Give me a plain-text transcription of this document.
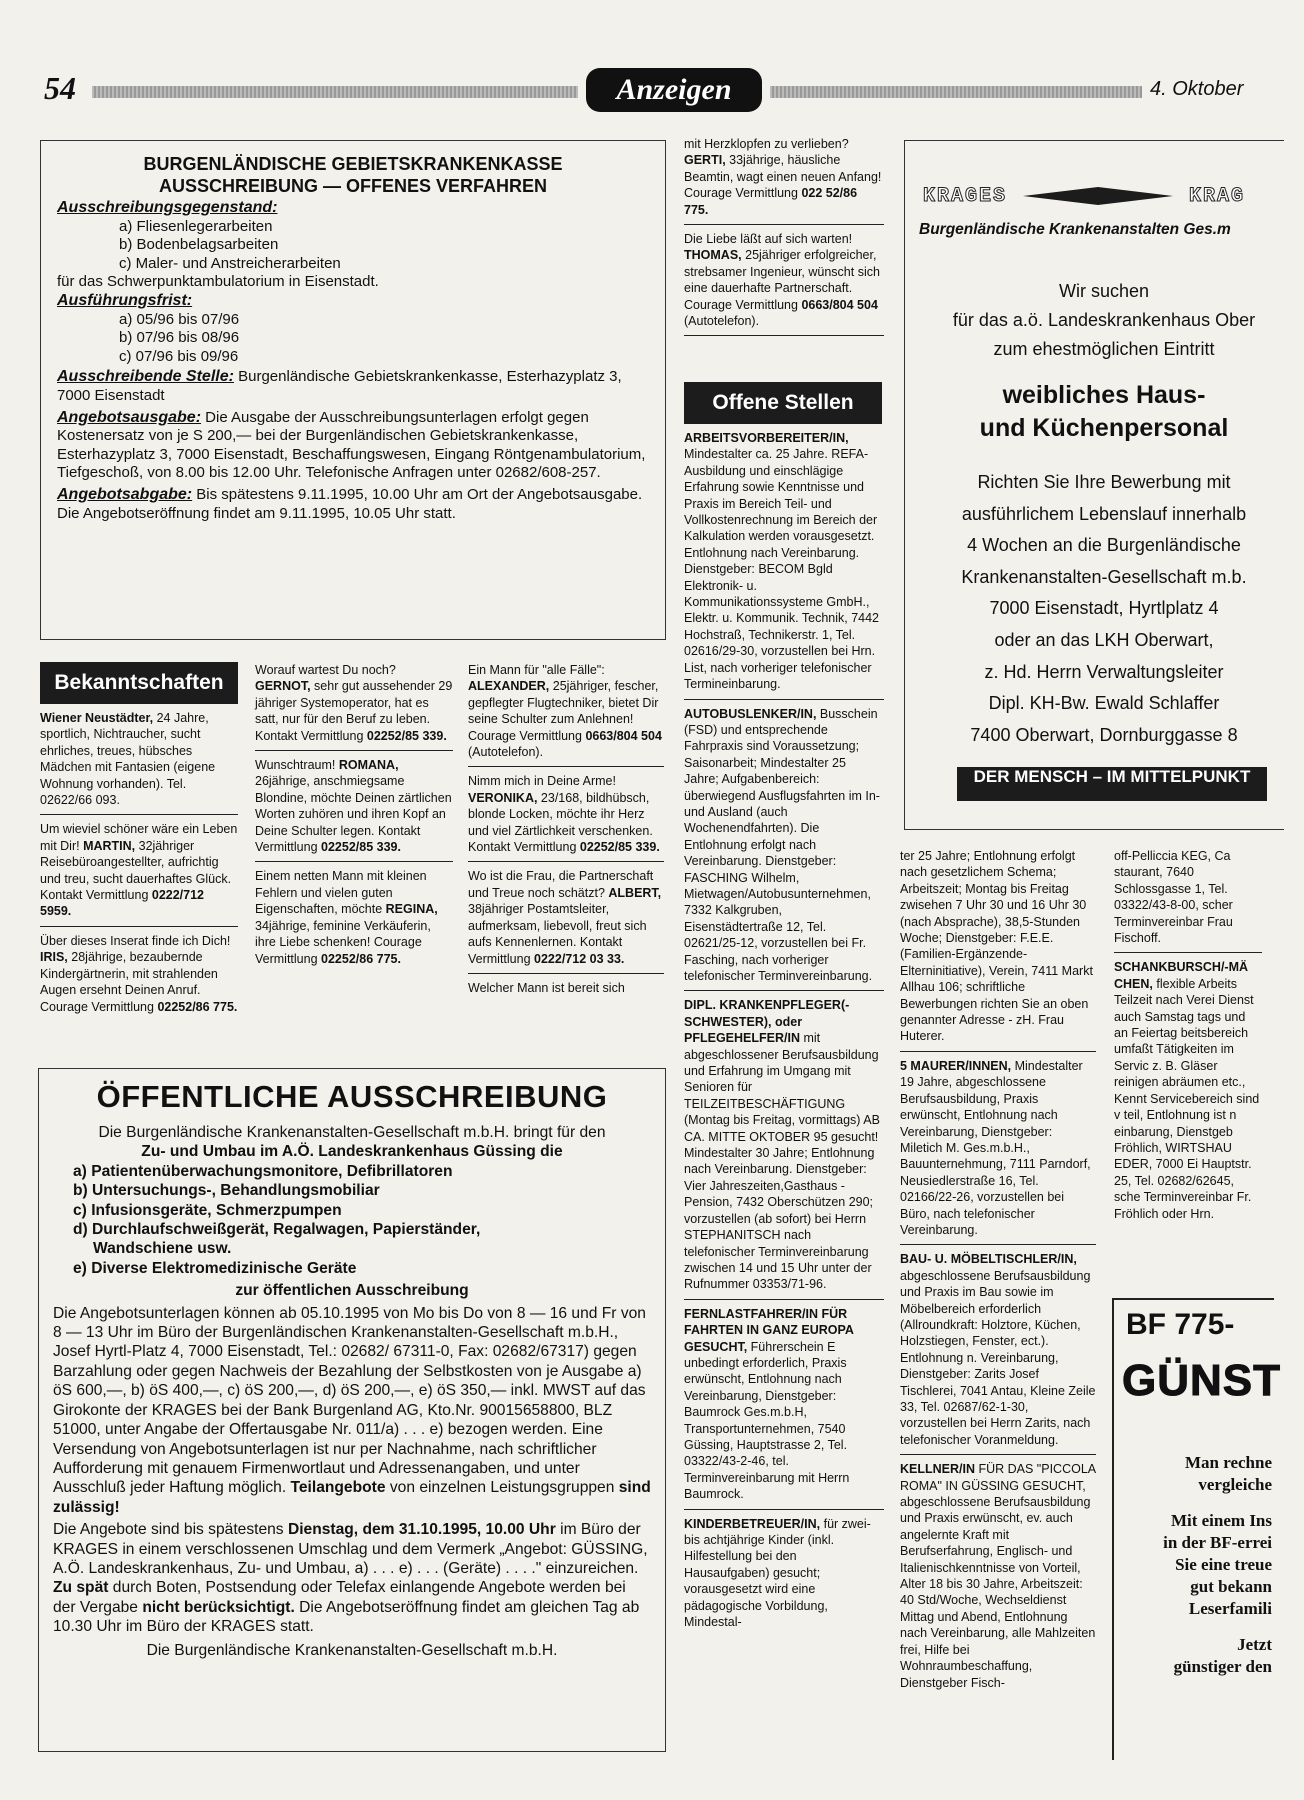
54	Anzeigen	4. Oktober
BURGENLÄNDISCHE GEBIETSKRANKENKASSE
AUSSCHREIBUNG — OFFENES VERFAHREN
Ausschreibungsgegenstand:
a) Fliesenlegerarbeiten
b) Bodenbelagsarbeiten
c) Maler- und Anstreicherarbeiten
für das Schwerpunktambulatorium in Eisenstadt.
Ausführungsfrist:
a) 05/96 bis 07/96
b) 07/96 bis 08/96
c) 07/96 bis 09/96
Ausschreibende Stelle: Burgenländische Gebietskrankenkasse, Esterhazyplatz 3, 7000 Eisenstadt
Angebotsausgabe: Die Ausgabe der Ausschreibungsunterlagen erfolgt gegen Kostenersatz von je S 200,— bei der Burgenländischen Gebietskrankenkasse, Esterhazyplatz 3, 7000 Eisenstadt, Beschaffungswesen, Eingang Röntgenambulatorium, Tiefgeschoß, von 8.00 bis 12.00 Uhr. Telefonische Anfragen unter 02682/608-257.
Angebotsabgabe: Bis spätestens 9.11.1995, 10.00 Uhr am Ort der Angebotsausgabe. Die Angebotseröffnung findet am 9.11.1995, 10.05 Uhr statt.
Bekanntschaften

Wiener Neustädter, 24 Jahre, sportlich, Nichtraucher, sucht ehrliches, treues, hübsches Mädchen mit Fantasien (eigene Wohnung vorhanden). Tel. 02622/66 093.

Um wieviel schöner wäre ein Leben mit Dir! MARTIN, 32jähriger Reisebüroangestellter, aufrichtig und treu, sucht dauerhaftes Glück. Kontakt Vermittlung 0222/712 5959.

Über dieses Inserat finde ich Dich! IRIS, 28jährige, bezaubernde Kindergärtnerin, mit strahlenden Augen ersehnt Deinen Anruf. Courage Vermittlung 02252/86 775.

Worauf wartest Du noch? GERNOT, sehr gut aussehender 29 jähriger Systemoperator, hat es satt, nur für den Beruf zu leben. Kontakt Vermittlung 02252/85 339.

Wunschtraum! ROMANA, 26jährige, anschmiegsame Blondine, möchte Deinen zärtlichen Worten zuhören und ihren Kopf an Deine Schulter legen. Kontakt Vermittlung 02252/85 339.

Einem netten Mann mit kleinen Fehlern und vielen guten Eigenschaften, möchte REGINA, 34jährige, feminine Verkäuferin, ihre Liebe schenken! Courage Vermittlung 02252/86 775.

Ein Mann für "alle Fälle": ALEXANDER, 25jähriger, fescher, gepflegter Flugtechniker, bietet Dir seine Schulter zum Anlehnen! Courage Vermittlung 0663/804 504 (Autotelefon).

Nimm mich in Deine Arme! VERONIKA, 23/168, bildhübsch, blonde Locken, möchte ihr Herz und viel Zärtlichkeit verschenken. Kontakt Vermittlung 02252/85 339.

Wo ist die Frau, die Partnerschaft und Treue noch schätzt? ALBERT, 38jähriger Postamtsleiter, aufmerksam, liebevoll, freut sich aufs Kennenlernen. Kontakt Vermittlung 0222/712 03 33.

Welcher Mann ist bereit sich

mit Herzklopfen zu verlieben? GERTI, 33jährige, häusliche Beamtin, wagt einen neuen Anfang! Courage Vermittlung 022 52/86 775.

Die Liebe läßt auf sich warten! THOMAS, 25jähriger erfolgreicher, strebsamer Ingenieur, wünscht sich eine dauerhafte Partnerschaft. Courage Vermittlung 0663/804 504 (Autotelefon).

Offene Stellen

ARBEITSVORBEREITER/IN, Mindestalter ca. 25 Jahre. REFA-Ausbildung und einschlägige Erfahrung sowie Kenntnisse und Praxis im Bereich Teil- und Vollkostenrechnung im Bereich der Kalkulation werden vorausgesetzt. Entlohnung nach Vereinbarung. Dienstgeber: BECOM Bgld Elektronik- u. Kommunikationssysteme GmbH., Elektr. u. Kommunik. Technik, 7442 Hochstraß, Technikerstr. 1, Tel. 02616/29-30, vorzustellen bei Hrn. List, nach vorheriger telefonischer Termineinbarung.

AUTOBUSLENKER/IN, Busschein (FSD) und entsprechende Fahrpraxis sind Voraussetzung; Saisonarbeit; Mindestalter 25 Jahre; Aufgabenbereich: überwiegend Ausflugsfahrten im In- und Ausland (auch Wochenendfahrten). Die Entlohnung erfolgt nach Vereinbarung. Dienstgeber: FASCHING Wilhelm, Mietwagen/Autobusunternehmen, 7332 Kalkgruben, Eisenstädtertraße 12, Tel. 02621/25-12, vorzustellen bei Fr. Fasching, nach vorheriger telefonischer Terminvereinbarung.

DIPL. KRANKENPFLEGER(-SCHWESTER), oder PFLEGEHELFER/IN mit abgeschlossener Berufsausbildung und Erfahrung im Umgang mit Senioren für TEILZEITBESCHÄFTIGUNG (Montag bis Freitag, vormittags) AB CA. MITTE OKTOBER 95 gesucht! Mindestalter 30 Jahre; Entlohnung nach Vereinbarung. Dienstgeber: Vier Jahreszeiten,Gasthaus - Pension, 7432 Oberschützen 290; vorzustellen (ab sofort) bei Herrn STEPHANITSCH nach telefonischer Terminvereinbarung zwischen 14 und 15 Uhr unter der Rufnummer 03353/71-96.

FERNLASTFAHRER/IN FÜR FAHRTEN IN GANZ EUROPA GESUCHT, Führerschein E unbedingt erforderlich, Praxis erwünscht, Entlohnung nach Vereinbarung, Dienstgeber: Baumrock Ges.m.b.H, Transportunternehmen, 7540 Güssing, Hauptstrasse 2, Tel. 03322/43-2-46, tel. Terminvereinbarung mit Herrn Baumrock.

KINDERBETREUER/IN, für zwei- bis achtjährige Kinder (inkl. Hilfestellung bei den Hausaufgaben) gesucht; vorausgesetzt wird eine pädagogische Vorbildung, Mindestal-

ter 25 Jahre; Entlohnung erfolgt nach gesetzlichem Schema; Arbeitszeit; Montag bis Freitag zwisehen 7 Uhr 30 und 16 Uhr 30 (nach Absprache), 38,5-Stunden Woche; Dienstgeber: F.E.E. (Familien-Ergänzende-Elterninitiative), Verein, 7411 Markt Allhau 106; schriftliche Bewerbungen richten Sie an oben genannter Adresse - zH. Frau Huterer.

5 MAURER/INNEN, Mindestalter 19 Jahre, abgeschlossene Berufsausbildung, Praxis erwünscht, Entlohnung nach Vereinbarung, Dienstgeber: Miletich M. Ges.m.b.H., Bauunternehmung, 7111 Parndorf, Neusiedlerstraße 16, Tel. 02166/22-26, vorzustellen bei Büro, nach telefonischer Vereinbarung.

BAU- U. MÖBELTISCHLER/IN, abgeschlossene Berufsausbildung und Praxis im Bau sowie im Möbelbereich erforderlich (Allroundkraft: Holztore, Küchen, Holzstiegen, Fenster, ect.). Entlohnung n. Vereinbarung, Dienstgeber: Zarits Josef Tischlerei, 7041 Antau, Kleine Zeile 33, Tel. 02687/62-1-30, vorzustellen bei Herrn Zarits, nach telefonischer Voranmeldung.

KELLNER/IN FÜR DAS "PICCOLA ROMA" IN GÜSSING GESUCHT, abgeschlossene Berufsausbildung und Praxis erwünscht, ev. auch angelernte Kraft mit Berufserfahrung, Englisch- und Italienischkenntnisse von Vorteil, Alter 18 bis 30 Jahre, Arbeitszeit: 40 Std/Woche, Wechseldienst Mittag und Abend, Entlohnung nach Vereinbarung, alle Mahlzeiten frei, Hilfe bei Wohnraumbeschaffung, Dienstgeber Fisch-

off-Pelliccia KEG, Ca staurant, 7640 Schlossgasse 1, Tel. 03322/43-8-00, scher Terminvereinbar Frau Fischoff.

SCHANKBURSCH/-MÄ CHEN, flexible Arbeits Teilzeit nach Verei Dienst auch Samstag tags und an Feiertag beitsbereich umfaßt Tätigkeiten im Servic z. B. Gläser reinigen abräumen etc., Kennt Servicebereich sind v teil, Entlohnung ist n einbarung, Dienstgeb Fröhlich, WIRTSHAU EDER, 7000 Ei Hauptstr. 25, Tel. 02682/62645, sche Terminvereinbar Fr. Fröhlich oder Hrn.

KRAGES	KRAG
Burgenländische Krankenanstalten Ges.m
Wir suchen
für das a.ö. Landeskrankenhaus Ober
zum ehestmöglichen Eintritt
weibliches Haus-
und Küchenpersonal
Richten Sie Ihre Bewerbung mit
ausführlichem Lebenslauf innerhalb
4 Wochen an die Burgenländische
Krankenanstalten-Gesellschaft m.b.
7000 Eisenstadt, Hyrtlplatz 4
oder an das LKH Oberwart,
z. Hd. Herrn Verwaltungsleiter
Dipl. KH-Bw. Ewald Schlaffer
7400 Oberwart, Dornburggasse 8
DER MENSCH – IM MITTELPUNKT
ÖFFENTLICHE AUSSCHREIBUNG
Die Burgenländische Krankenanstalten-Gesellschaft m.b.H. bringt für den
Zu- und Umbau im A.Ö. Landeskrankenhaus Güssing die
a) Patientenüberwachungsmonitore, Defibrillatoren
b) Untersuchungs-, Behandlungsmobiliar
c) Infusionsgeräte, Schmerzpumpen
d) Durchlaufschweißgerät, Regalwagen, Papierständer,
Wandschiene usw.
e) Diverse Elektromedizinische Geräte
zur öffentlichen Ausschreibung
Die Angebotsunterlagen können ab 05.10.1995 von Mo bis Do von 8 — 16 und Fr von 8 — 13 Uhr im Büro der Burgenländischen Krankenanstalten-Gesellschaft m.b.H., Josef Hyrtl-Platz 4, 7000 Eisenstadt, Tel.: 02682/ 67311-0, Fax: 02682/67317) gegen Barzahlung oder gegen Nachweis der Bezahlung der Selbstkosten von je Ausgabe a) öS 600,—, b) öS 400,—, c) öS 200,—, d) öS 200,—, e) öS 350,— inkl. MWST auf das Girokonte der KRAGES bei der Bank Burgenland AG, Kto.Nr. 90015658800, BLZ 51000, unter Angabe der Offertausgabe Nr. 011/a) . . . e) bezogen werden. Eine Versendung von Angebotsunterlagen ist nur per Nachnahme, nach schriftlicher Aufforderung mit genauem Firmenwortlaut und Adressenangaben, und unter Ausschluß jeder Haftung möglich. Teilangebote von einzelnen Leistungsgruppen sind zulässig!
Die Angebote sind bis spätestens Dienstag, dem 31.10.1995, 10.00 Uhr im Büro der KRAGES in einem verschlossenen Umschlag und dem Vermerk „Angebot: GÜSSING, A.Ö. Landeskrankenhaus, Zu- und Umbau, a) . . . e) . . . (Geräte) . . . ." einzureichen. Zu spät durch Boten, Postsendung oder Telefax einlangende Angebote werden bei der Vergabe nicht berücksichtigt. Die Angebotseröffnung findet am gleichen Tag ab 10.30 Uhr im Büro der KRAGES statt.
Die Burgenländische Krankenanstalten-Gesellschaft m.b.H.
BF 775-
GÜNST
Man rechne
vergleiche
Mit einem Ins
in der BF-errei
Sie eine treue
gut bekann
Leserfamili
Jetzt
günstiger den
